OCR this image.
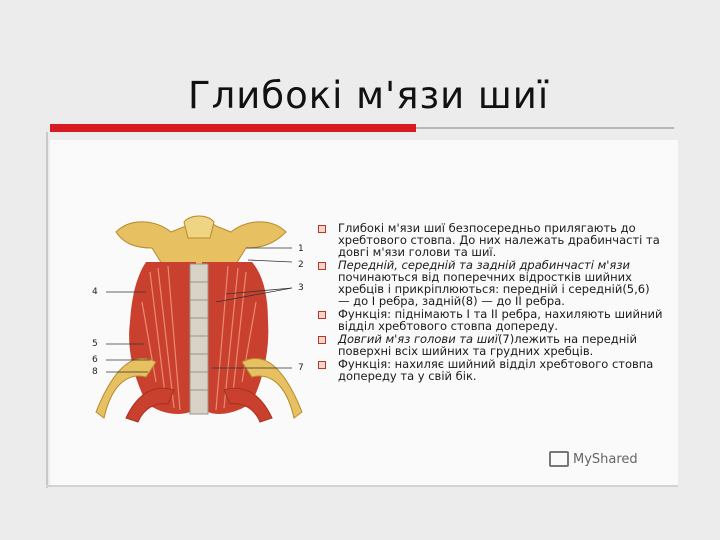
Глибокі м'язи шиї
1
2
3
7
4
5
6
8
Глибокі м'язи шиї безпосередньо прилягають до хребтового стовпа. До них належать драбинчасті та довгі м'язи голови та шиї.
Передній, середній та задній драбинчасті м'язи починаються від поперечних відростків шийних хребців і прикріплюються: передній і середній(5,6) — до І ребра, задній(8) — до ІІ ребра.
Функція: піднімають І та ІІ ребра, нахиляють шийний відділ хребтового стовпа допереду.
Довгий м'яз голови та шиї(7)лежить на передній поверхні всіх шийних та грудних хребців.
Функція: нахиляє шийний відділ хребтового стовпа допереду та у свій бік.
MyShared
